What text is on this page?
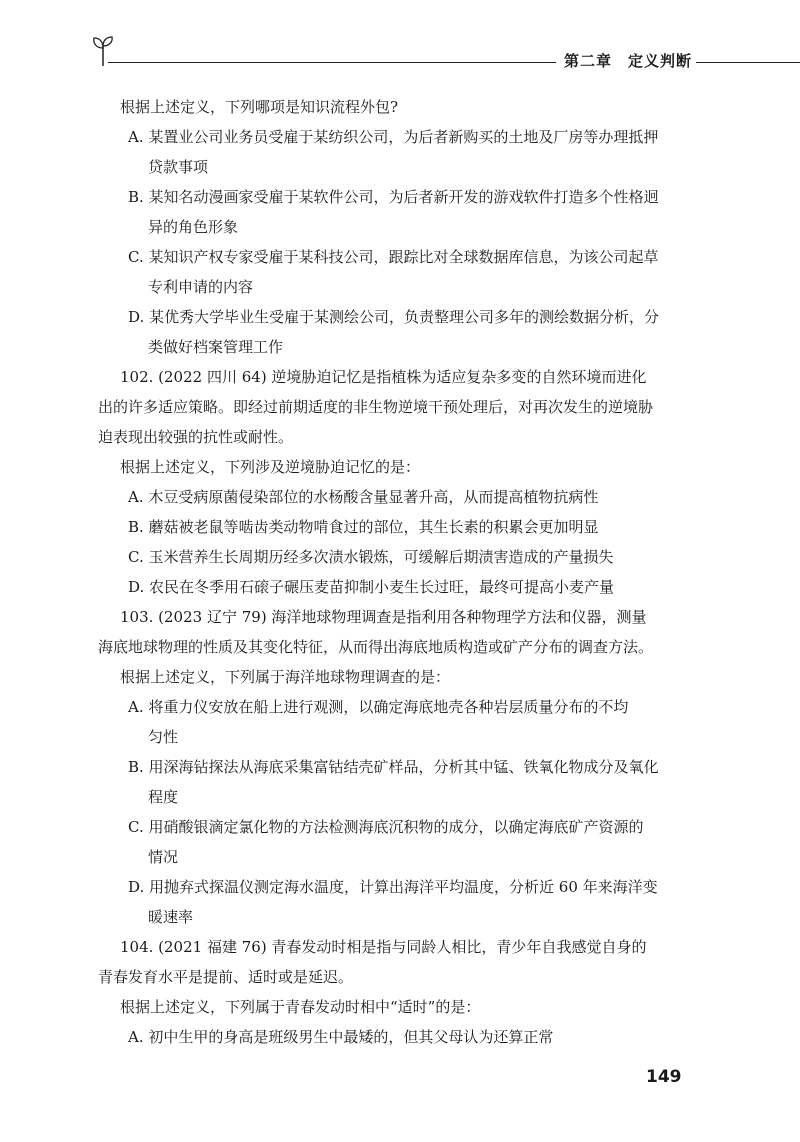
第二章　定义判断
根据上述定义，下列哪项是知识流程外包?
A. 某置业公司业务员受雇于某纺织公司，为后者新购买的土地及厂房等办理抵押
贷款事项
B. 某知名动漫画家受雇于某软件公司，为后者新开发的游戏软件打造多个性格迥
异的角色形象
C. 某知识产权专家受雇于某科技公司，跟踪比对全球数据库信息，为该公司起草
专利申请的内容
D. 某优秀大学毕业生受雇于某测绘公司，负责整理公司多年的测绘数据分析，分
类做好档案管理工作
102. (2022 四川 64) 逆境胁迫记忆是指植株为适应复杂多变的自然环境而进化
出的许多适应策略。即经过前期适度的非生物逆境干预处理后，对再次发生的逆境胁
迫表现出较强的抗性或耐性。
根据上述定义，下列涉及逆境胁迫记忆的是：
A. 木豆受病原菌侵染部位的水杨酸含量显著升高，从而提高植物抗病性
B. 蘑菇被老鼠等啮齿类动物啃食过的部位，其生长素的积累会更加明显
C. 玉米营养生长周期历经多次渍水锻炼，可缓解后期渍害造成的产量损失
D. 农民在冬季用石磙子碾压麦苗抑制小麦生长过旺，最终可提高小麦产量
103. (2023 辽宁 79) 海洋地球物理调查是指利用各种物理学方法和仪器，测量
海底地球物理的性质及其变化特征，从而得出海底地质构造或矿产分布的调查方法。
根据上述定义，下列属于海洋地球物理调查的是：
A. 将重力仪安放在船上进行观测，以确定海底地壳各种岩层质量分布的不均
匀性
B. 用深海钻探法从海底采集富钴结壳矿样品，分析其中锰、铁氧化物成分及氧化
程度
C. 用硝酸银滴定氯化物的方法检测海底沉积物的成分，以确定海底矿产资源的
情况
D. 用抛弃式探温仪测定海水温度，计算出海洋平均温度，分析近 60 年来海洋变
暖速率
104. (2021 福建 76) 青春发动时相是指与同龄人相比，青少年自我感觉自身的
青春发育水平是提前、适时或是延迟。
根据上述定义，下列属于青春发动时相中“适时”的是：
A. 初中生甲的身高是班级男生中最矮的，但其父母认为还算正常
149
